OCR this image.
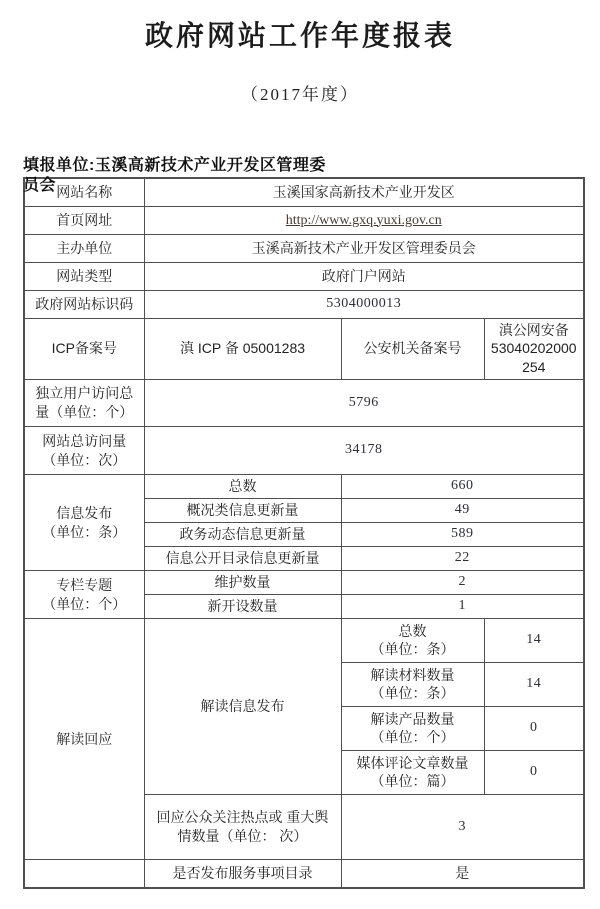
政府网站工作年度报表
（2017年度）
填报单位:玉溪高新技术产业开发区管理委员会 网站名称	玉溪国家高新技术产业开发区		
首页网址	http://www.gxq.yuxi.gov.cn		
主办单位	玉溪高新技术产业开发区管理委员会		
网站类型	政府门户网站		
政府网站标识码	5304000013		
ICP备案号	滇 ICP 备 05001283	公安机关备案号	滇公网安备 53040202000254
独立用户访问总量（单位：个）	5796		
网站总访问量
（单位：次）	34178		
信息发布
（单位：条）	总数	660	
	概况类信息更新量	49	
	政务动态信息更新量	589	
	信息公开目录信息更新量	22	
专栏专题
（单位：个）	维护数量	2	
	新开设数量	1	
解读回应	解读信息发布	总数
（单位：条）	14
		解读材料数量
（单位：条）	14
		解读产品数量
（单位：个）	0
		媒体评论文章数量
（单位：篇）	0
	回应公众关注热点或 重大舆情数量（单位： 次）	3	
	是否发布服务事项目录	是	
